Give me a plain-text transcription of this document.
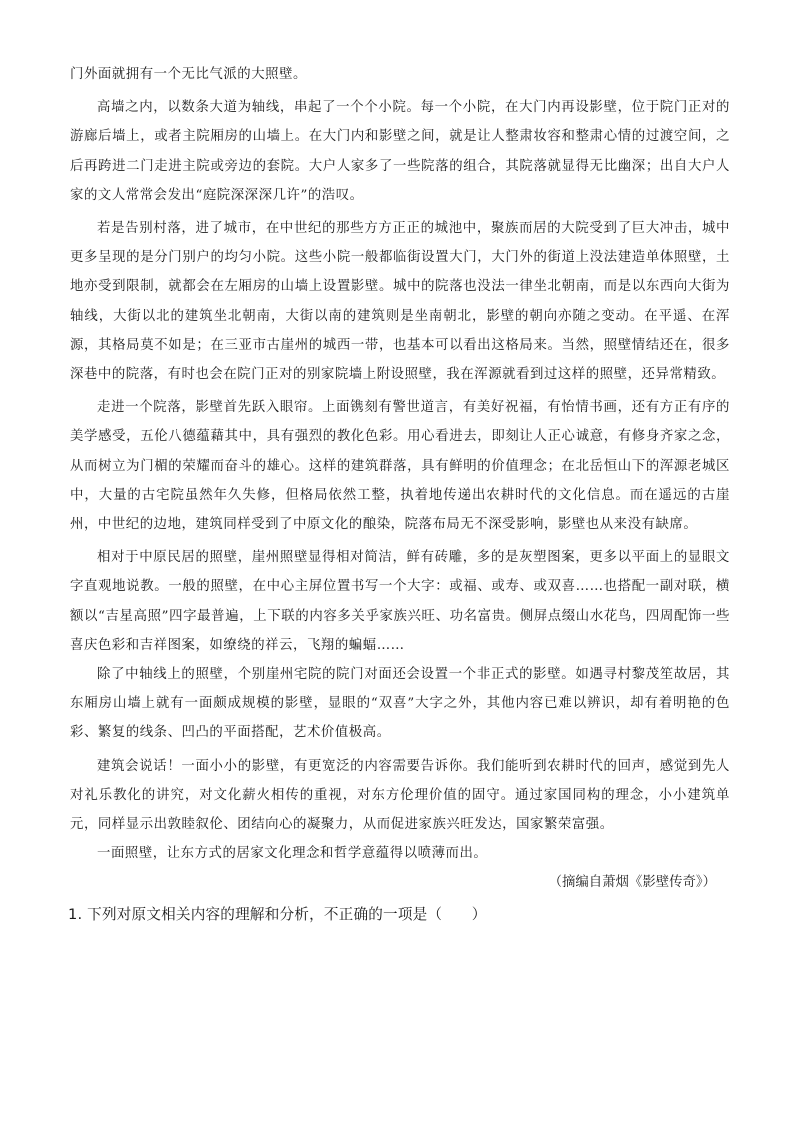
门外面就拥有一个无比气派的大照壁。

高墙之内，以数条大道为轴线，串起了一个个小院。每一个小院，在大门内再设影壁，位于院门正对的游廊后墙上，或者主院厢房的山墙上。在大门内和影壁之间，就是让人整肃妆容和整肃心情的过渡空间，之后再跨进二门走进主院或旁边的套院。大户人家多了一些院落的组合，其院落就显得无比幽深；出自大户人家的文人常常会发出“庭院深深深几许”的浩叹。

若是告别村落，进了城市，在中世纪的那些方方正正的城池中，聚族而居的大院受到了巨大冲击，城中更多呈现的是分门别户的均匀小院。这些小院一般都临街设置大门，大门外的街道上没法建造单体照壁，土地亦受到限制，就都会在左厢房的山墙上设置影壁。城中的院落也没法一律坐北朝南，而是以东西向大街为轴线，大街以北的建筑坐北朝南，大街以南的建筑则是坐南朝北，影壁的朝向亦随之变动。在平遥、在浑源，其格局莫不如是；在三亚市古崖州的城西一带，也基本可以看出这格局来。当然，照壁情结还在，很多深巷中的院落，有时也会在院门正对的别家院墙上附设照壁，我在浑源就看到过这样的照壁，还异常精致。

走进一个院落，影壁首先跃入眼帘。上面镌刻有警世道言，有美好祝福，有怡情书画，还有方正有序的美学感受，五伦八德蕴藉其中，具有强烈的教化色彩。用心看进去，即刻让人正心诚意，有修身齐家之念，从而树立为门楣的荣耀而奋斗的雄心。这样的建筑群落，具有鲜明的价值理念；在北岳恒山下的浑源老城区中，大量的古宅院虽然年久失修，但格局依然工整，执着地传递出农耕时代的文化信息。而在遥远的古崖州，中世纪的边地，建筑同样受到了中原文化的酿染，院落布局无不深受影响，影壁也从来没有缺席。

相对于中原民居的照壁，崖州照壁显得相对简洁，鲜有砖雕，多的是灰塑图案，更多以平面上的显眼文字直观地说教。一般的照壁，在中心主屏位置书写一个大字：或福、或寿、或双喜……也搭配一副对联，横额以“吉星高照”四字最普遍，上下联的内容多关乎家族兴旺、功名富贵。侧屏点缀山水花鸟，四周配饰一些喜庆色彩和吉祥图案，如缭绕的祥云，飞翔的蝙蝠……

除了中轴线上的照壁，个别崖州宅院的院门对面还会设置一个非正式的影壁。如遇寻村黎茂笙故居，其东厢房山墙上就有一面颇成规模的影壁，显眼的“双喜”大字之外，其他内容已难以辨识，却有着明艳的色彩、繁复的线条、凹凸的平面搭配，艺术价值极高。

建筑会说话！一面小小的影壁，有更宽泛的内容需要告诉你。我们能听到农耕时代的回声，感觉到先人对礼乐教化的讲究，对文化薪火相传的重视，对东方伦理价值的固守。通过家国同构的理念，小小建筑单元，同样显示出敦睦叙伦、团结向心的凝聚力，从而促进家族兴旺发达，国家繁荣富强。

一面照壁，让东方式的居家文化理念和哲学意蕴得以喷薄而出。

（摘编自萧烟《影壁传奇》）

1. 下列对原文相关内容的理解和分析，不正确的一项是（　　）
